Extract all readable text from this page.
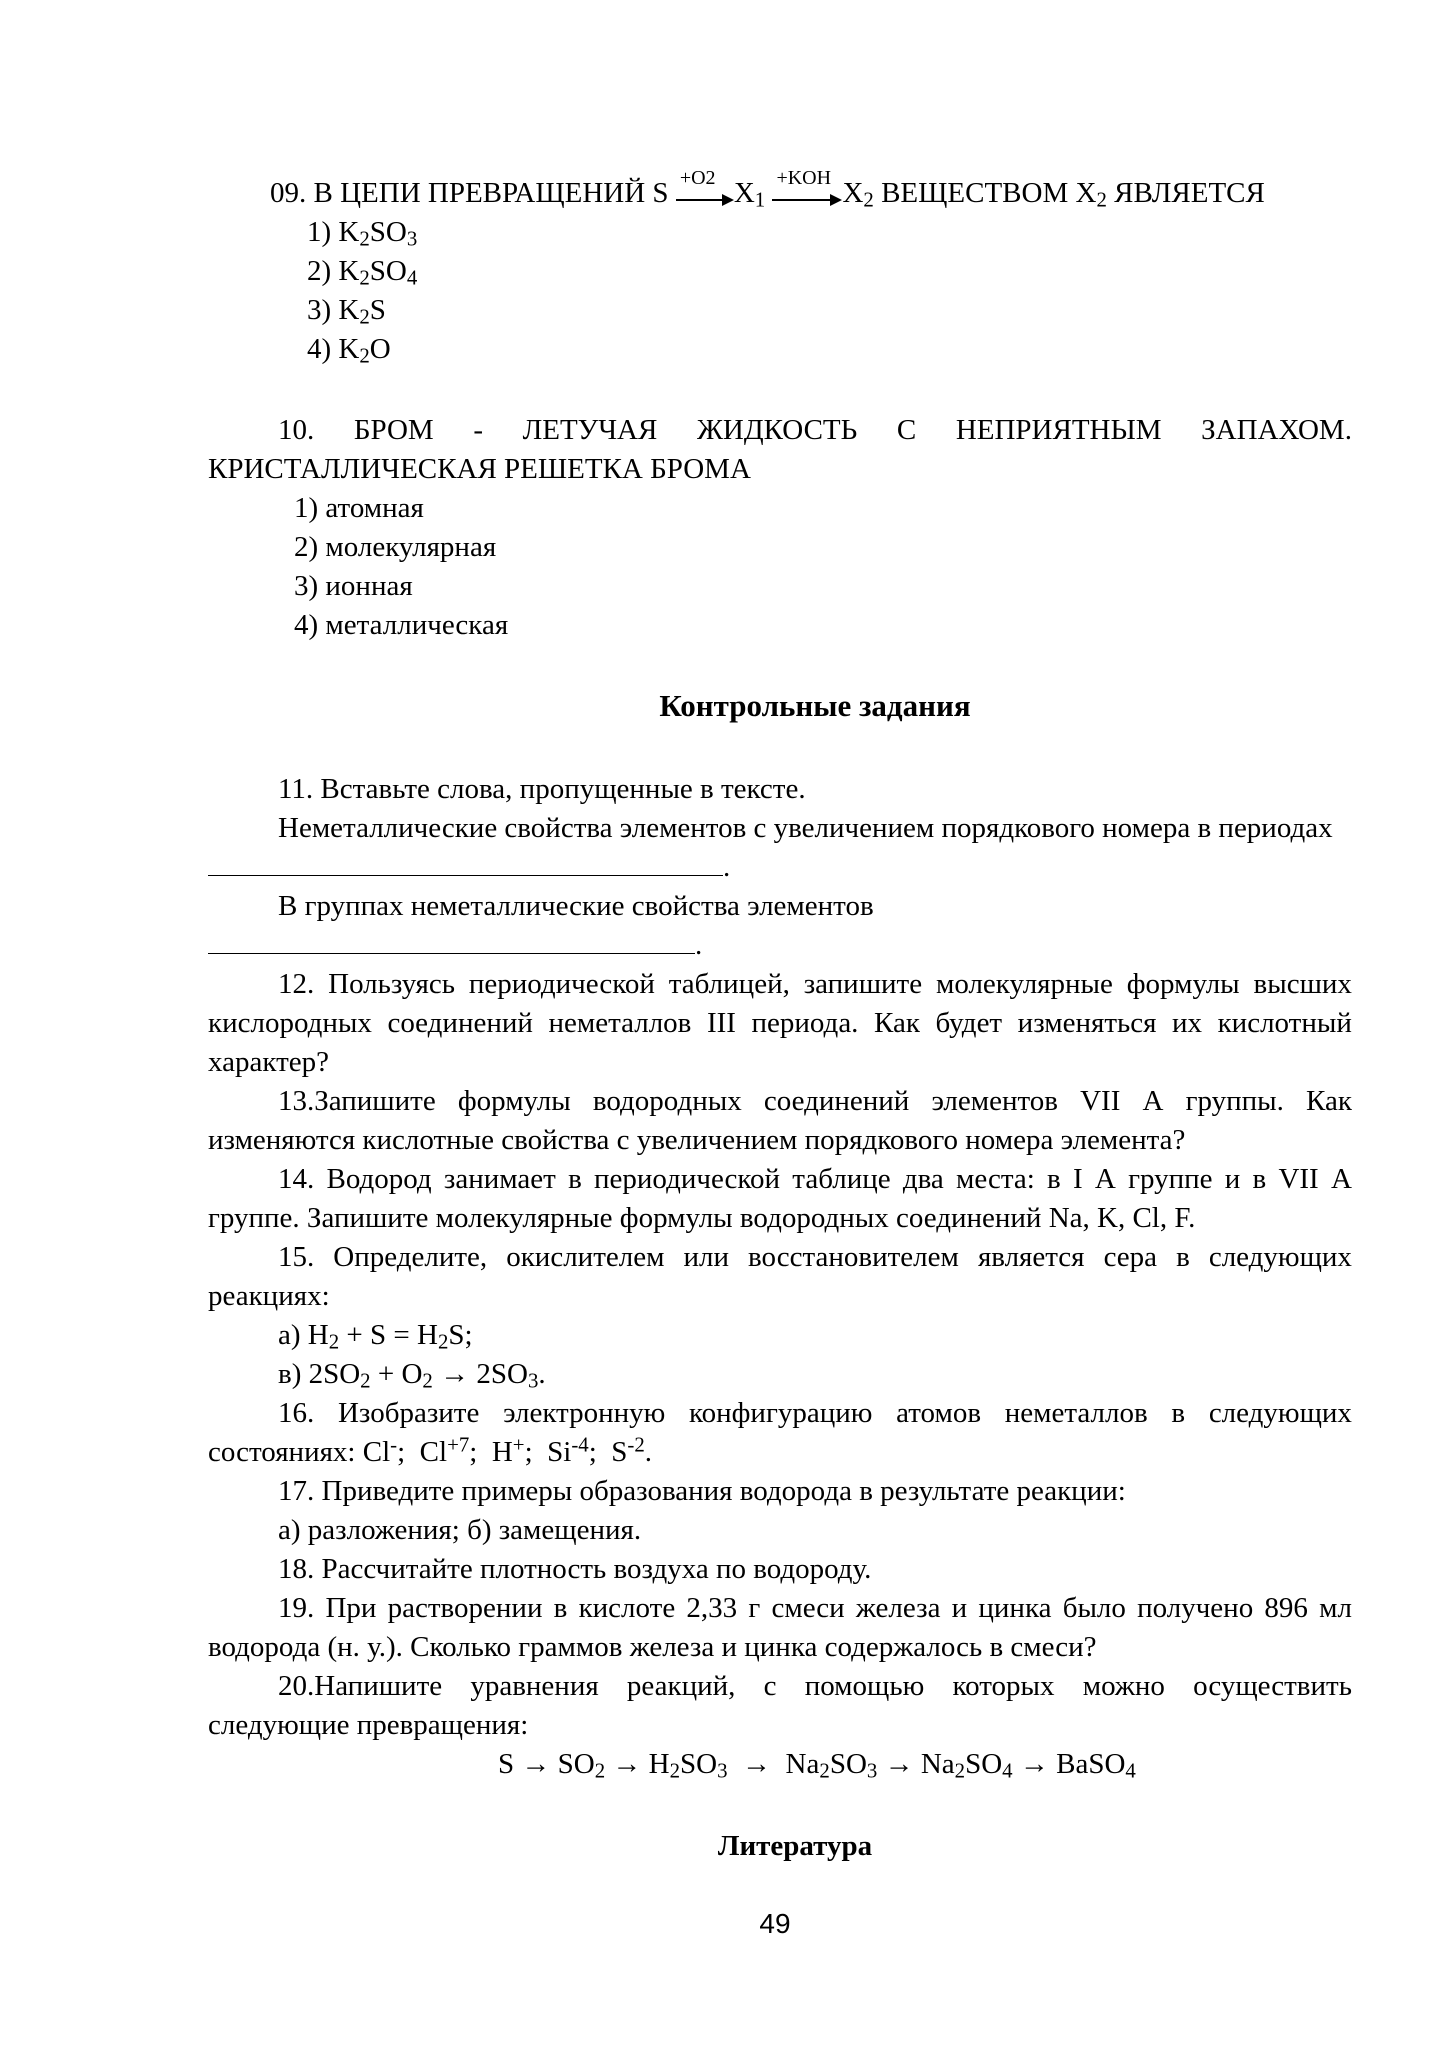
09. В ЦЕПИ ПРЕВРАЩЕНИЙ S +O2 $X_1$
+KOH $X_2$ ВЕЩЕСТВОМ $X_2$ ЯВЛЯЕТСЯ
1) $K_2SO_3$
2) $K_2SO_4$
3) $K_2S$
4) $K_2O$
10. БРОМ - ЛЕТУЧАЯ ЖИДКОСТЬ С НЕПРИЯТНЫМ ЗАПАХОМ.
КРИСТАЛЛИЧЕСКАЯ РЕШЕТКА БРОМА
1) атомная
2) молекулярная
3) ионная
4) металлическая
Контрольные задания
11. Вставьте слова, пропущенные в тексте.
Неметаллические свойства элементов с увеличением порядкового номера в периодах
.
В группах неметаллические свойства элементов
.
12. Пользуясь периодической таблицей, запишите молекулярные формулы высших
кислородных соединений неметаллов III периода. Как будет изменяться их кислотный
характер?
13.Запишите формулы водородных соединений элементов VII А группы. Как
изменяются кислотные свойства с увеличением порядкового номера элемента?
14. Водород занимает в периодической таблице два места: в I А группе и в VII А
группе. Запишите молекулярные формулы водородных соединений Na, K, Cl, F.
15. Определите, окислителем или восстановителем является сера в следующих
реакциях:
а) $H_2 + S = H_2S$;
в) $2SO_2 + O_2 \to 2SO_3$.
16. Изобразите электронную конфигурацию атомов неметаллов в следующих
состояниях: Cl-;  $Cl^{+7}$;  H+;  $Si^{-4}$;  $S^{-2}$.
17. Приведите примеры образования водорода в результате реакции:
а) разложения; б) замещения.
18. Рассчитайте плотность воздуха по водороду.
19. При растворении в кислоте 2,33 г смеси железа и цинка было получено 896 мл
водорода (н. у.). Сколько граммов железа и цинка содержалось в смеси?
20.Напишите уравнения реакций, с помощью которых можно осуществить
следующие превращения:
$S \to SO_2 \to H_2SO_3 \to Na_2SO_3 \to Na_2SO_4$ → BaSO$_4$
Литература
49
